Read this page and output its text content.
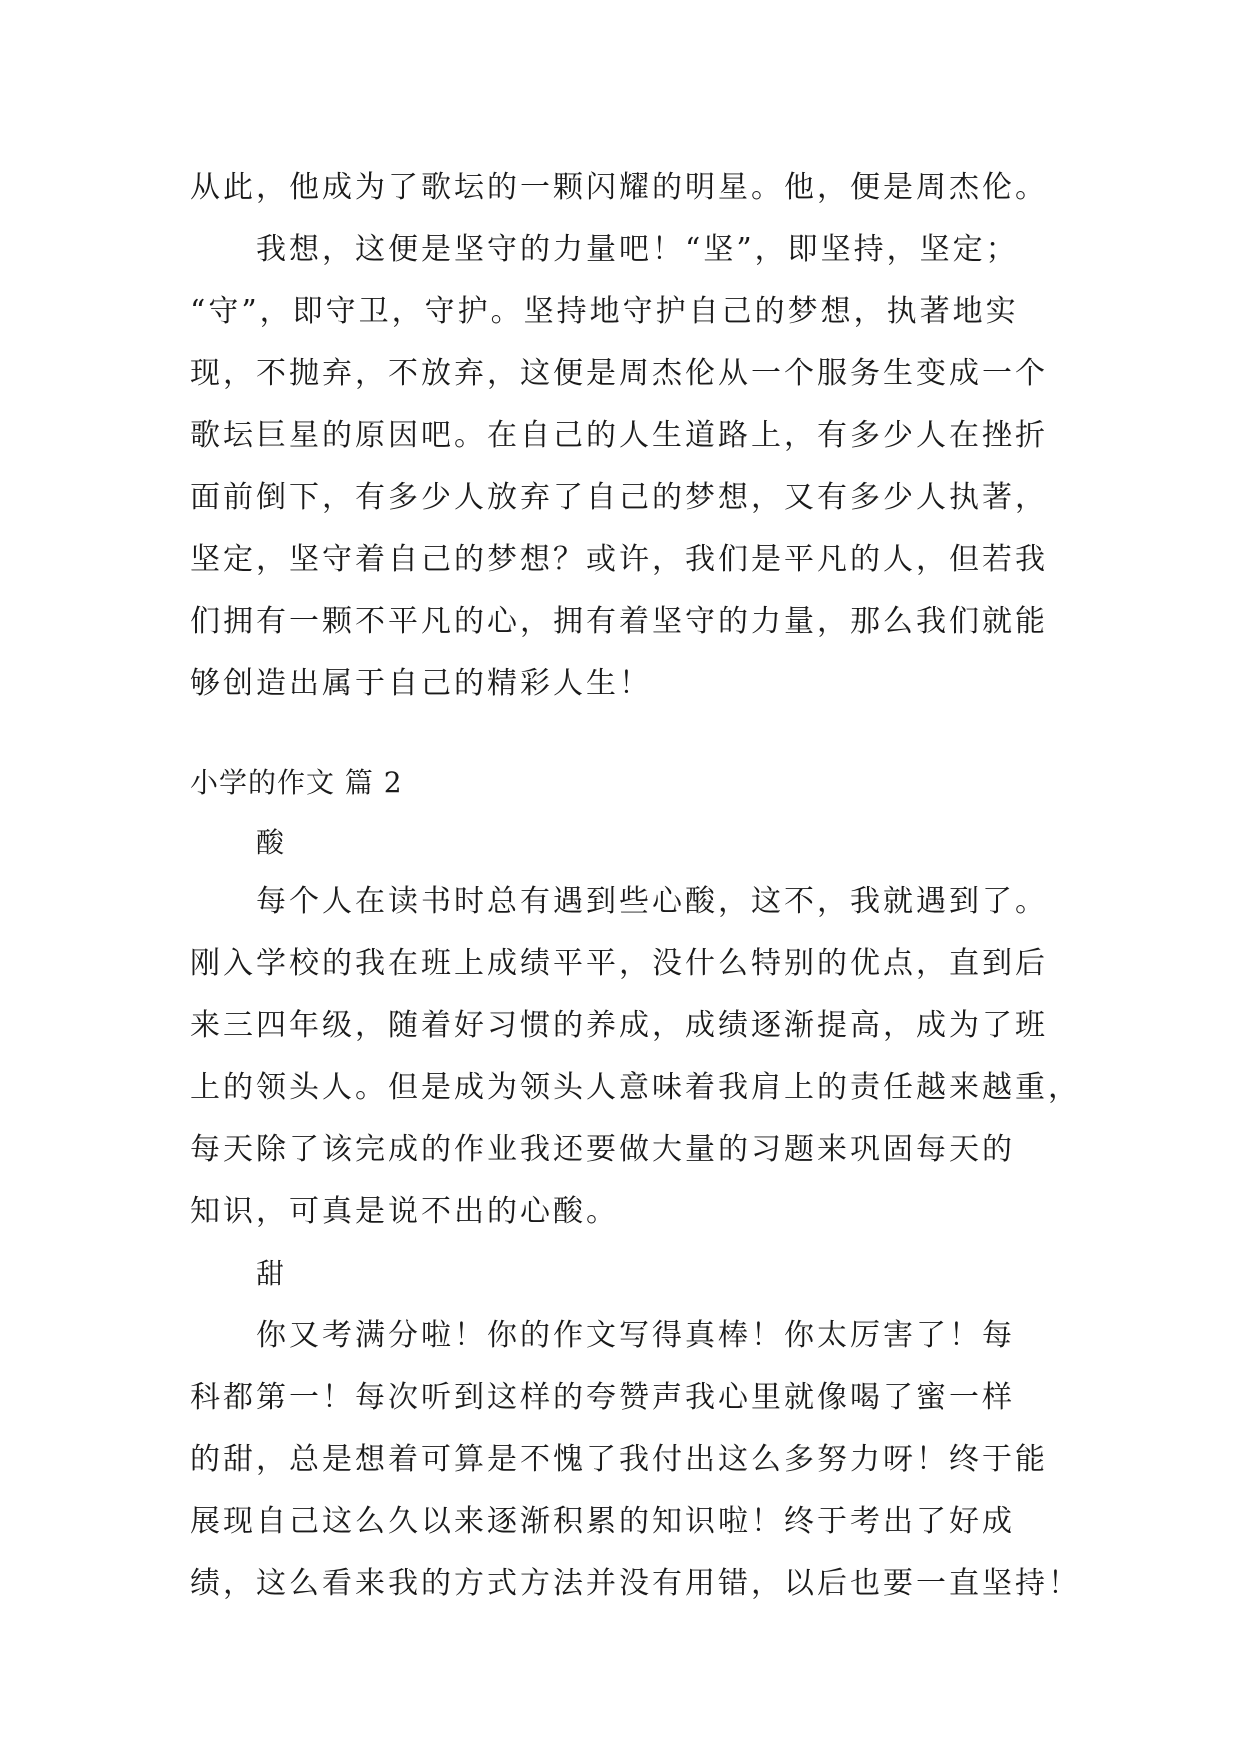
从此，他成为了歌坛的一颗闪耀的明星。他，便是周杰伦。
我想，这便是坚守的力量吧！“坚”，即坚持，坚定；
“守”，即守卫，守护。坚持地守护自己的梦想，执著地实
现，不抛弃，不放弃，这便是周杰伦从一个服务生变成一个
歌坛巨星的原因吧。在自己的人生道路上，有多少人在挫折
面前倒下，有多少人放弃了自己的梦想，又有多少人执著，
坚定，坚守着自己的梦想？或许，我们是平凡的人，但若我
们拥有一颗不平凡的心，拥有着坚守的力量，那么我们就能
够创造出属于自己的精彩人生！
小学的作文 篇 2
酸
每个人在读书时总有遇到些心酸，这不，我就遇到了。
刚入学校的我在班上成绩平平，没什么特别的优点，直到后
来三四年级，随着好习惯的养成，成绩逐渐提高，成为了班
上的领头人。但是成为领头人意味着我肩上的责任越来越重，
每天除了该完成的作业我还要做大量的习题来巩固每天的
知识，可真是说不出的心酸。
甜
你又考满分啦！你的作文写得真棒！你太厉害了！每
科都第一！每次听到这样的夸赞声我心里就像喝了蜜一样
的甜，总是想着可算是不愧了我付出这么多努力呀！终于能
展现自己这么久以来逐渐积累的知识啦！终于考出了好成
绩，这么看来我的方式方法并没有用错，以后也要一直坚持！
